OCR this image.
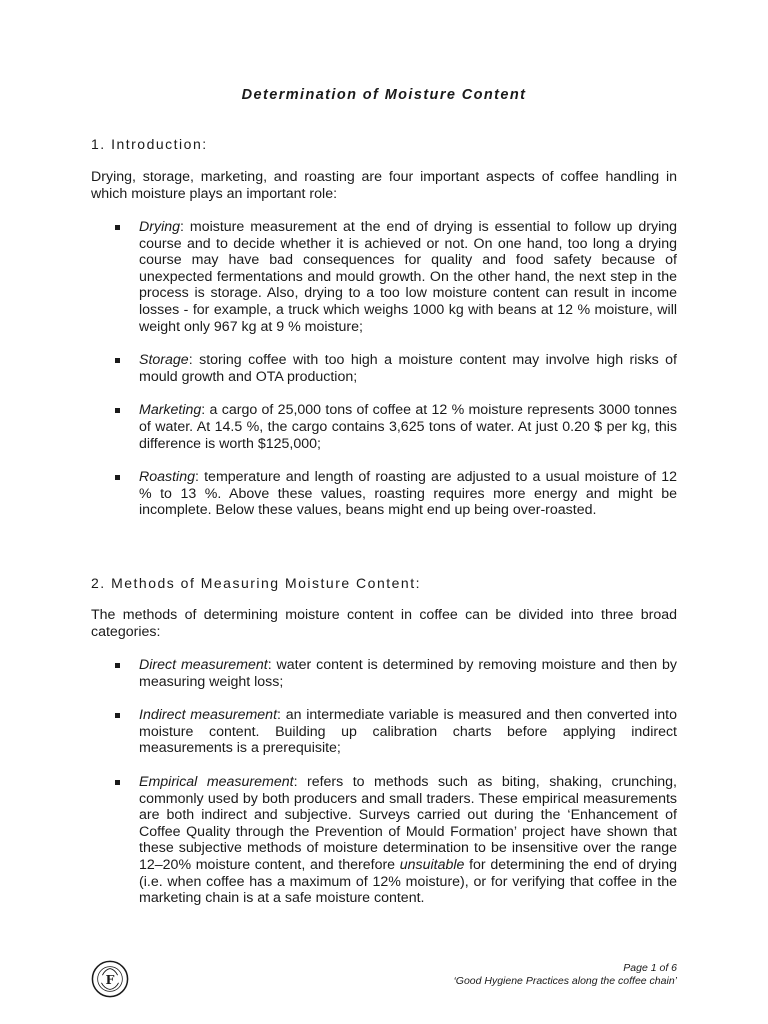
Determination of Moisture Content
1. Introduction:

Drying, storage, marketing, and roasting are four important aspects of coffee handling in which moisture plays an important role:

Drying: moisture measurement at the end of drying is essential to follow up drying course and to decide whether it is achieved or not. On one hand, too long a drying course may have bad consequences for quality and food safety because of unexpected fermentations and mould growth. On the other hand, the next step in the process is storage. Also, drying to a too low moisture content can result in income losses - for example, a truck which weighs 1000 kg with beans at 12 % moisture, will weight only 967 kg at 9 % moisture;
Storage: storing coffee with too high a moisture content may involve high risks of mould growth and OTA production;
Marketing: a cargo of 25,000 tons of coffee at 12 % moisture represents 3000 tonnes of water. At 14.5 %, the cargo contains 3,625 tons of water. At just 0.20 $ per kg, this difference is worth $125,000;
Roasting: temperature and length of roasting are adjusted to a usual moisture of 12 % to 13 %. Above these values, roasting requires more energy and might be incomplete. Below these values, beans might end up being over-roasted.
2. Methods of Measuring Moisture Content:

The methods of determining moisture content in coffee can be divided into three broad categories:

Direct measurement: water content is determined by removing moisture and then by measuring weight loss;
Indirect measurement: an intermediate variable is measured and then converted into moisture content. Building up calibration charts before applying indirect measurements is a prerequisite;
Empirical measurement: refers to methods such as biting, shaking, crunching, commonly used by both producers and small traders. These empirical measurements are both indirect and subjective. Surveys carried out during the ‘Enhancement of Coffee Quality through the Prevention of Mould Formation’ project have shown that these subjective methods of moisture determination to be insensitive over the range 12–20% moisture content, and therefore unsuitable for determining the end of drying (i.e. when coffee has a maximum of 12% moisture), or for verifying that coffee in the marketing chain is at a safe moisture content.
F
Page 1 of 6
‘Good Hygiene Practices along the coffee chain’
